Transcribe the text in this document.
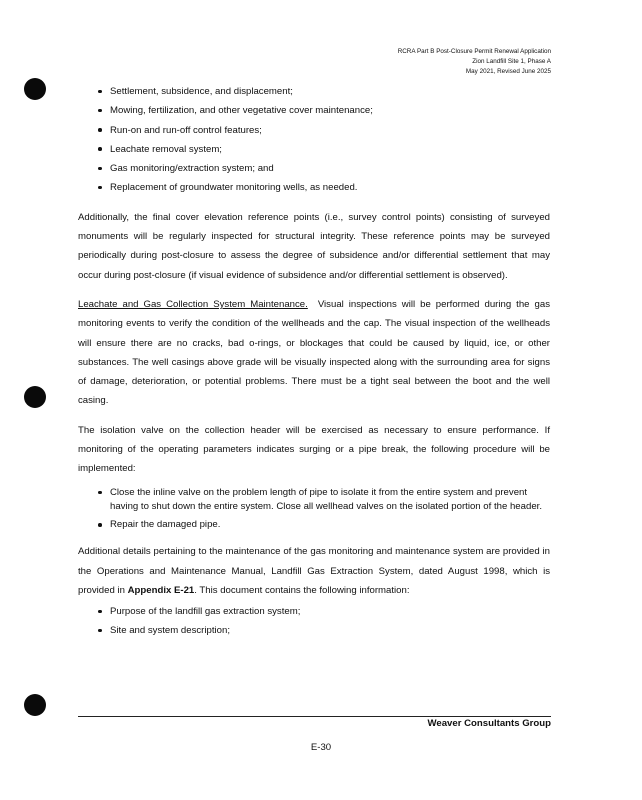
RCRA Part B Post-Closure Permit Renewal Application
Zion Landfill Site 1, Phase A
May 2021, Revised June 2025
Settlement, subsidence, and displacement;
Mowing, fertilization, and other vegetative cover maintenance;
Run-on and run-off control features;
Leachate removal system;
Gas monitoring/extraction system; and
Replacement of groundwater monitoring wells, as needed.

Additionally, the final cover elevation reference points (i.e., survey control points) consisting of surveyed monuments will be regularly inspected for structural integrity. These reference points may be surveyed periodically during post-closure to assess the degree of subsidence and/or differential settlement that may occur during post-closure (if visual evidence of subsidence and/or differential settlement is observed).

Leachate and Gas Collection System Maintenance. Visual inspections will be performed during the gas monitoring events to verify the condition of the wellheads and the cap. The visual inspection of the wellheads will ensure there are no cracks, bad o-rings, or blockages that could be caused by liquid, ice, or other substances. The well casings above grade will be visually inspected along with the surrounding area for signs of damage, deterioration, or potential problems. There must be a tight seal between the boot and the well casing.

The isolation valve on the collection header will be exercised as necessary to ensure performance. If monitoring of the operating parameters indicates surging or a pipe break, the following procedure will be implemented:

Close the inline valve on the problem length of pipe to isolate it from the entire system and prevent having to shut down the entire system. Close all wellhead valves on the isolated portion of the header.
Repair the damaged pipe.

Additional details pertaining to the maintenance of the gas monitoring and maintenance system are provided in the Operations and Maintenance Manual, Landfill Gas Extraction System, dated August 1998, which is provided in Appendix E-21. This document contains the following information:

Purpose of the landfill gas extraction system;
Site and system description;
Weaver Consultants Group
E-30
